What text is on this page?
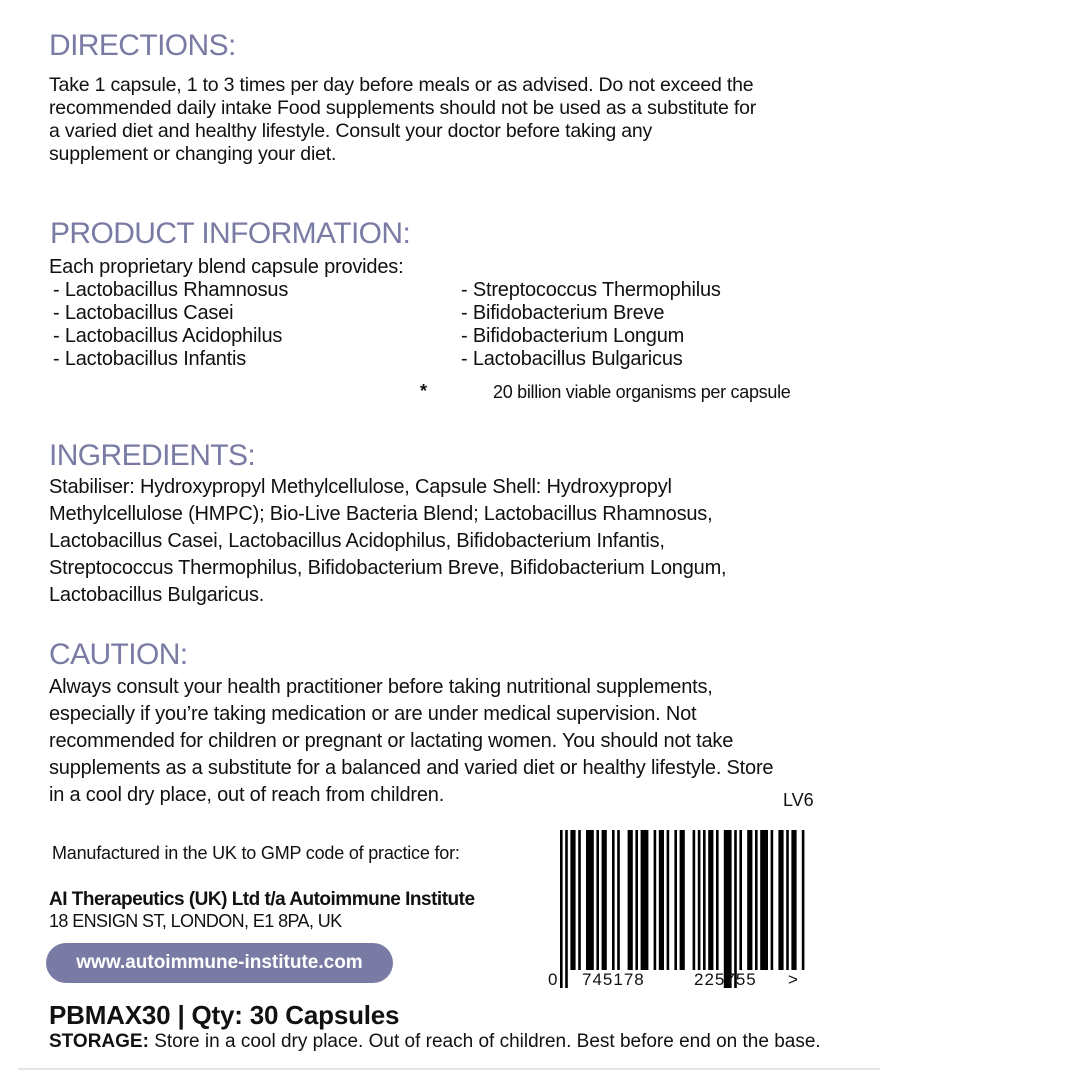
DIRECTIONS:
Take 1 capsule, 1 to 3 times per day before meals or as advised. Do not exceed the
recommended daily intake Food supplements should not be used as a substitute for
a varied diet and healthy lifestyle. Consult your doctor before taking any
supplement or changing your diet.
PRODUCT INFORMATION:
Each proprietary blend capsule provides:
- Lactobacillus Rhamnosus
- Lactobacillus Casei
- Lactobacillus Acidophilus
- Lactobacillus Infantis
- Streptococcus Thermophilus
- Bifidobacterium Breve
- Bifidobacterium Longum
- Lactobacillus Bulgaricus
*	20 billion viable organisms per capsule
INGREDIENTS:
Stabiliser: Hydroxypropyl Methylcellulose, Capsule Shell: Hydroxypropyl
Methylcellulose (HMPC); Bio-Live Bacteria Blend; Lactobacillus Rhamnosus,
Lactobacillus Casei, Lactobacillus Acidophilus, Bifidobacterium Infantis,
Streptococcus Thermophilus, Bifidobacterium Breve, Bifidobacterium Longum,
Lactobacillus Bulgaricus.
CAUTION:
Always consult your health practitioner before taking nutritional supplements,
especially if you’re taking medication or are under medical supervision. Not
recommended for children or pregnant or lactating women. You should not take
supplements as a substitute for a balanced and varied diet or healthy lifestyle. Store
in a cool dry place, out of reach from children.	LV6
Manufactured in the UK to GMP code of practice for:
AI Therapeutics (UK) Ltd t/a Autoimmune Institute
18 ENSIGN ST, LONDON, E1 8PA, UK
www.autoimmune-institute.com
0 745178	225755 >
PBMAX30 | Qty: 30 Capsules
STORAGE: Store in a cool dry place. Out of reach of children. Best before end on the base.
